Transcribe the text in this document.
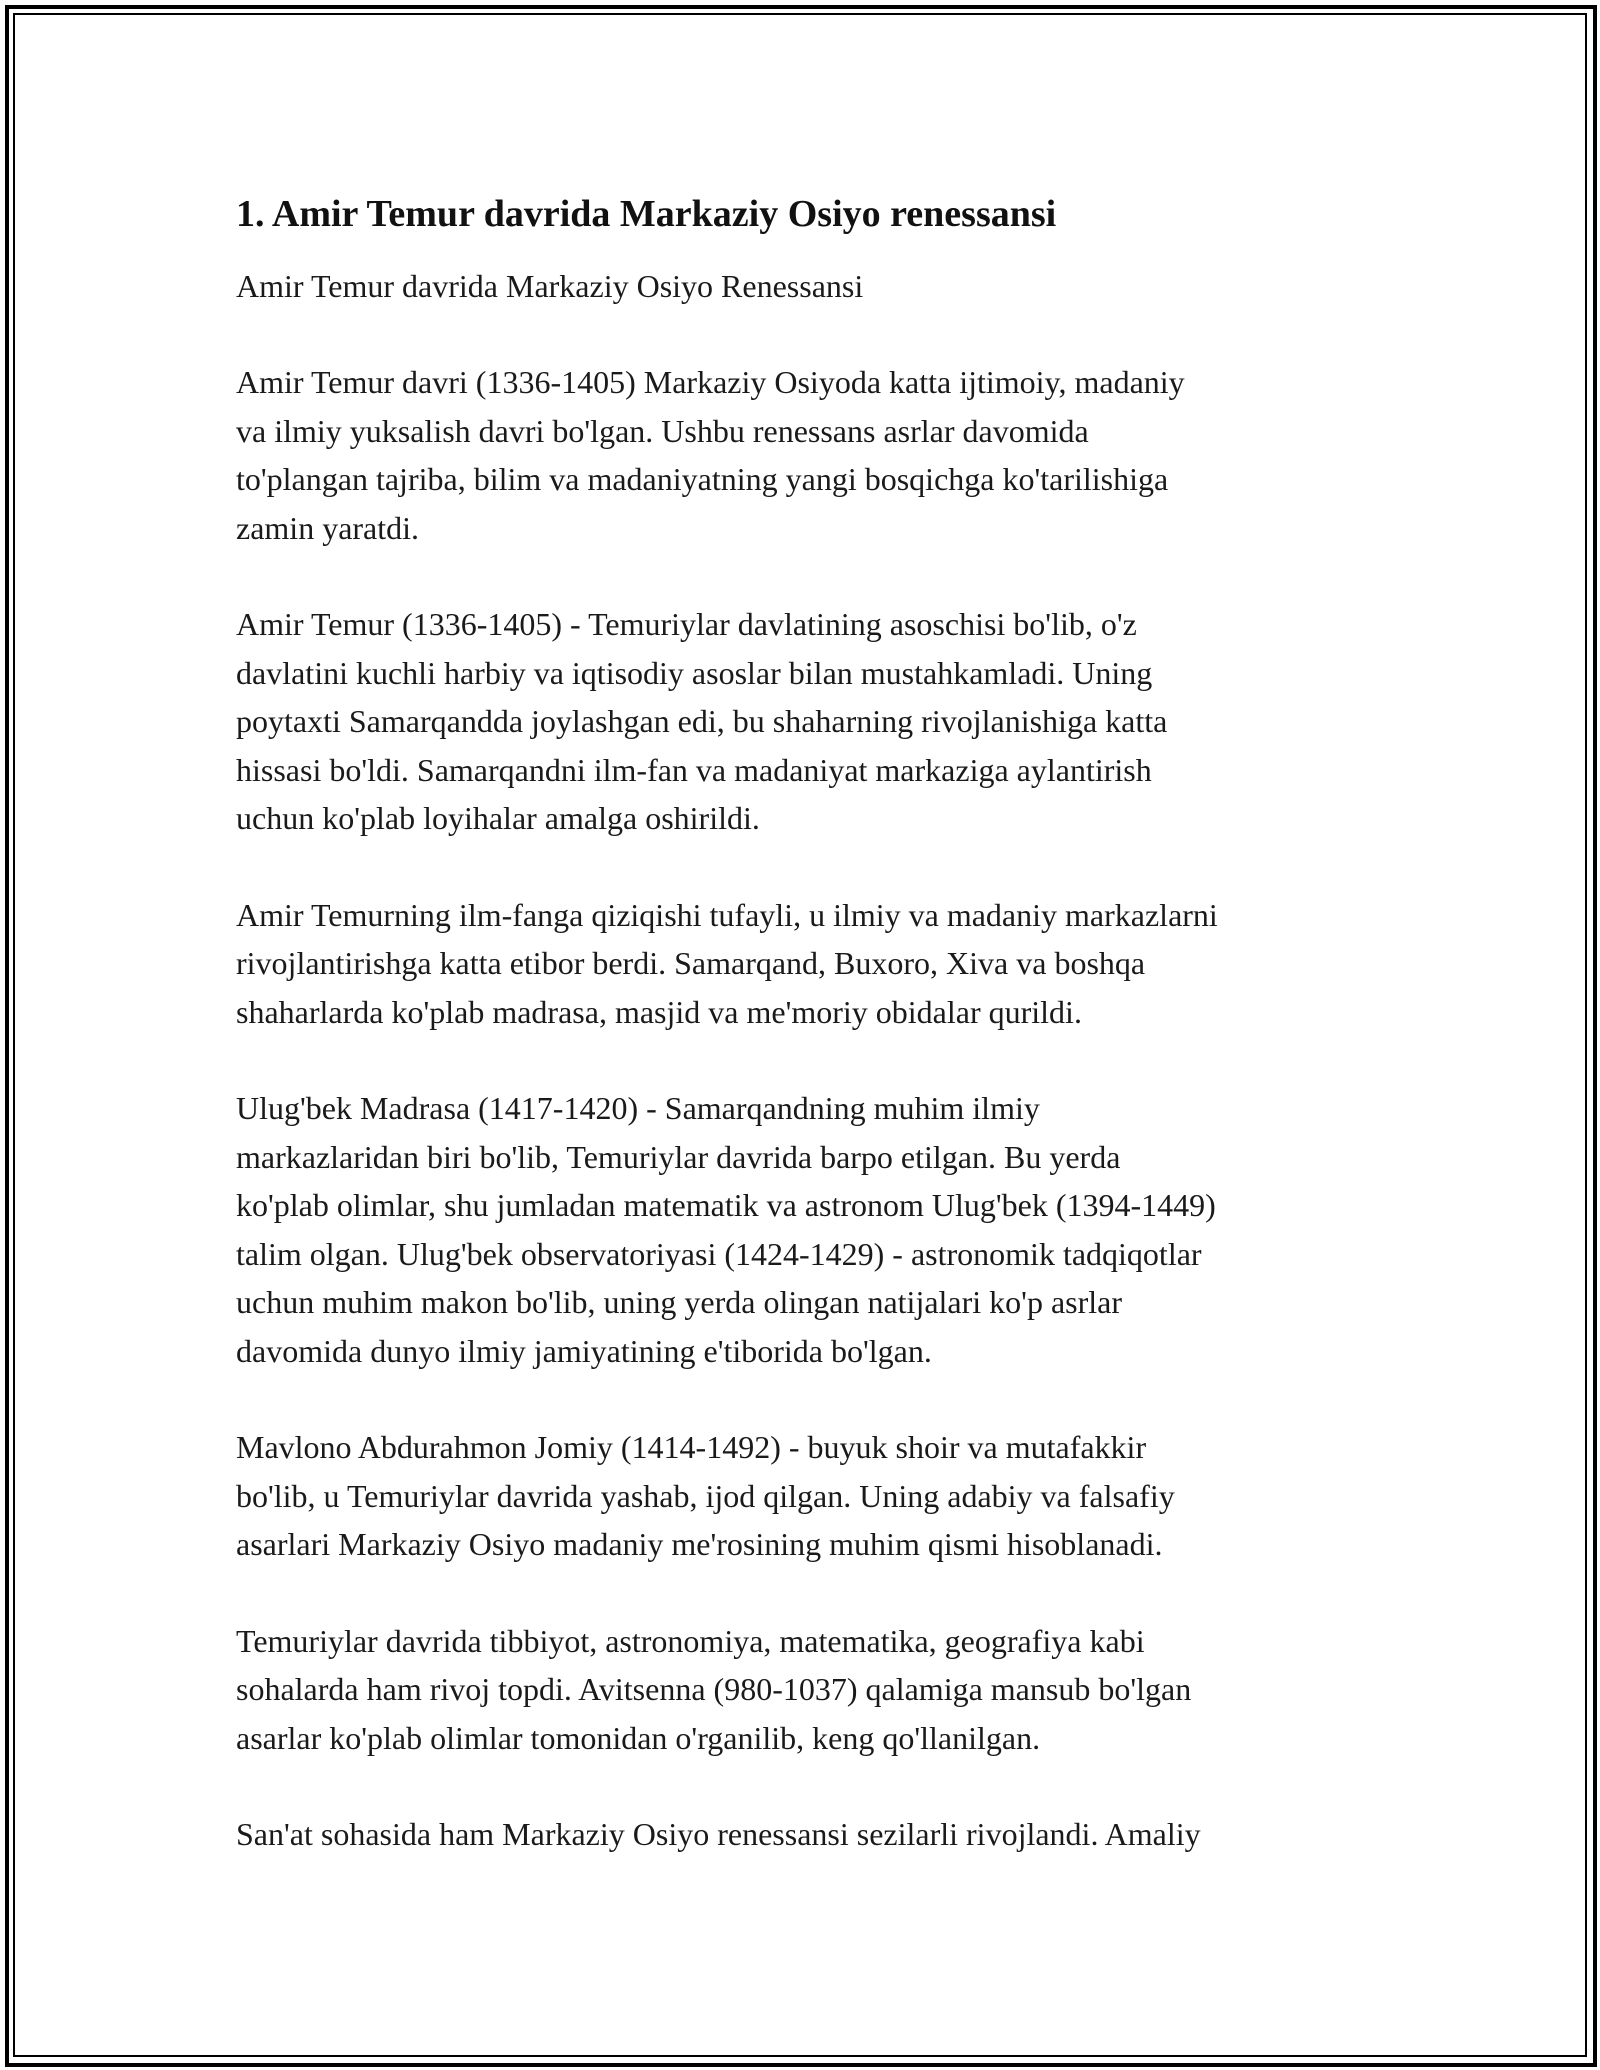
1. Amir Temur davrida Markaziy Osiyo renessansi
Amir Temur davrida Markaziy Osiyo Renessansi
Amir Temur davri (1336-1405) Markaziy Osiyoda katta ijtimoiy, madaniy
va ilmiy yuksalish davri bo'lgan. Ushbu renessans asrlar davomida
to'plangan tajriba, bilim va madaniyatning yangi bosqichga ko'tarilishiga
zamin yaratdi.
Amir Temur (1336-1405) - Temuriylar davlatining asoschisi bo'lib, o'z
davlatini kuchli harbiy va iqtisodiy asoslar bilan mustahkamladi. Uning
poytaxti Samarqandda joylashgan edi, bu shaharning rivojlanishiga katta
hissasi bo'ldi. Samarqandni ilm-fan va madaniyat markaziga aylantirish
uchun ko'plab loyihalar amalga oshirildi.
Amir Temurning ilm-fanga qiziqishi tufayli, u ilmiy va madaniy markazlarni
rivojlantirishga katta etibor berdi. Samarqand, Buxoro, Xiva va boshqa
shaharlarda ko'plab madrasa, masjid va me'moriy obidalar qurildi.
Ulug'bek Madrasa (1417-1420) - Samarqandning muhim ilmiy
markazlaridan biri bo'lib, Temuriylar davrida barpo etilgan. Bu yerda
ko'plab olimlar, shu jumladan matematik va astronom Ulug'bek (1394-1449)
talim olgan. Ulug'bek observatoriyasi (1424-1429) - astronomik tadqiqotlar
uchun muhim makon bo'lib, uning yerda olingan natijalari ko'p asrlar
davomida dunyo ilmiy jamiyatining e'tiborida bo'lgan.
Mavlono Abdurahmon Jomiy (1414-1492) - buyuk shoir va mutafakkir
bo'lib, u Temuriylar davrida yashab, ijod qilgan. Uning adabiy va falsafiy
asarlari Markaziy Osiyo madaniy me'rosining muhim qismi hisoblanadi.
Temuriylar davrida tibbiyot, astronomiya, matematika, geografiya kabi
sohalarda ham rivoj topdi. Avitsenna (980-1037) qalamiga mansub bo'lgan
asarlar ko'plab olimlar tomonidan o'rganilib, keng qo'llanilgan.
San'at sohasida ham Markaziy Osiyo renessansi sezilarli rivojlandi. Amaliy
